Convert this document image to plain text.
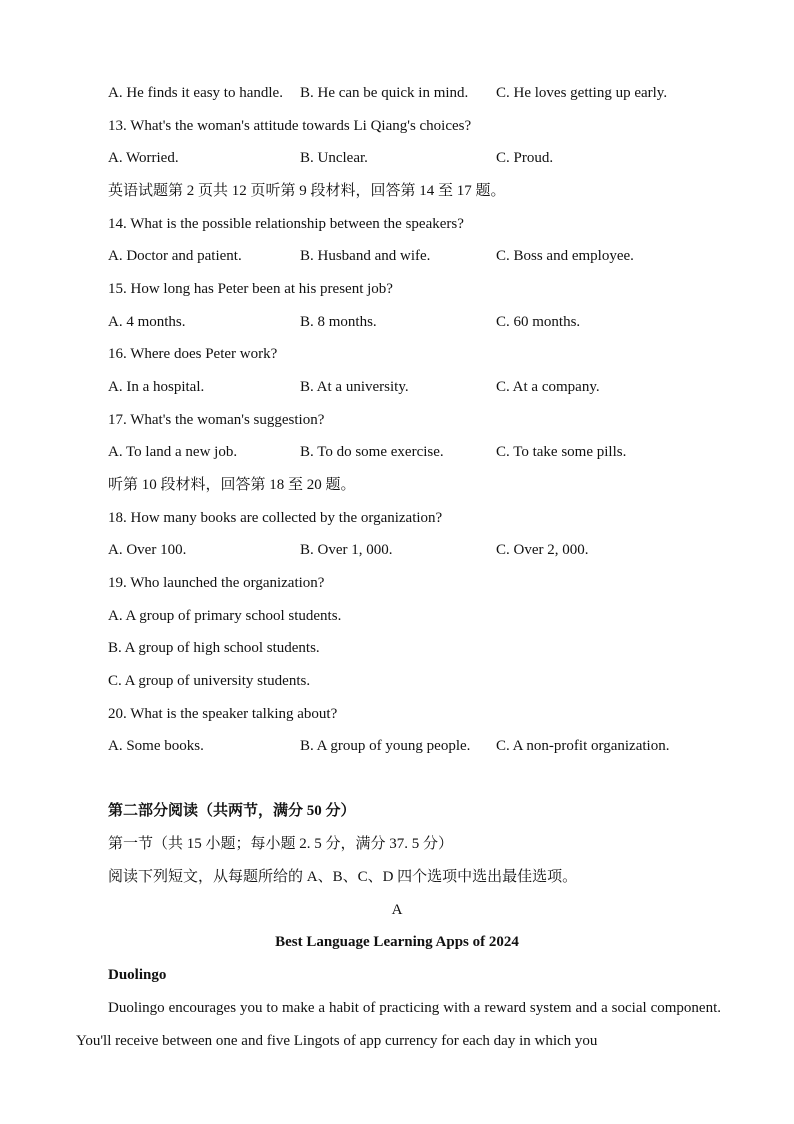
A. He finds it easy to handle. B. He can be quick in mind. C. He loves getting up early.
13. What's the woman's attitude towards Li Qiang's choices?
A. Worried.	B. Unclear.	C. Proud.
英语试题第 2 页共 12 页听第 9 段材料，回答第 14 至 17 题。
14. What is the possible relationship between the speakers?
A. Doctor and patient.	B. Husband and wife.	C. Boss and employee.
15. How long has Peter been at his present job?
A. 4 months.	B. 8 months.	C. 60 months.
16. Where does Peter work?
A. In a hospital.	B. At a university.	C. At a company.
17. What's the woman's suggestion?
A. To land a new job.	B. To do some exercise.	C. To take some pills.
听第 10 段材料，回答第 18 至 20 题。
18. How many books are collected by the organization?
A. Over 100.	B. Over 1, 000.	C. Over 2, 000.
19. Who launched the organization?
A. A group of primary school students.
B. A group of high school students.
C. A group of university students.
20. What is the speaker talking about?
A. Some books.	B. A group of young people. C. A non-profit organization.
第二部分阅读（共两节，满分 50 分）
第一节（共 15 小题；每小题 2. 5 分，满分 37. 5 分）
阅读下列短文，从每题所给的 A、B、C、D 四个选项中选出最佳选项。
A
Best Language Learning Apps of 2024
Duolingo

Duolingo encourages you to make a habit of practicing with a reward system and a social component. You'll receive between one and five Lingots of app currency for each day in which you
